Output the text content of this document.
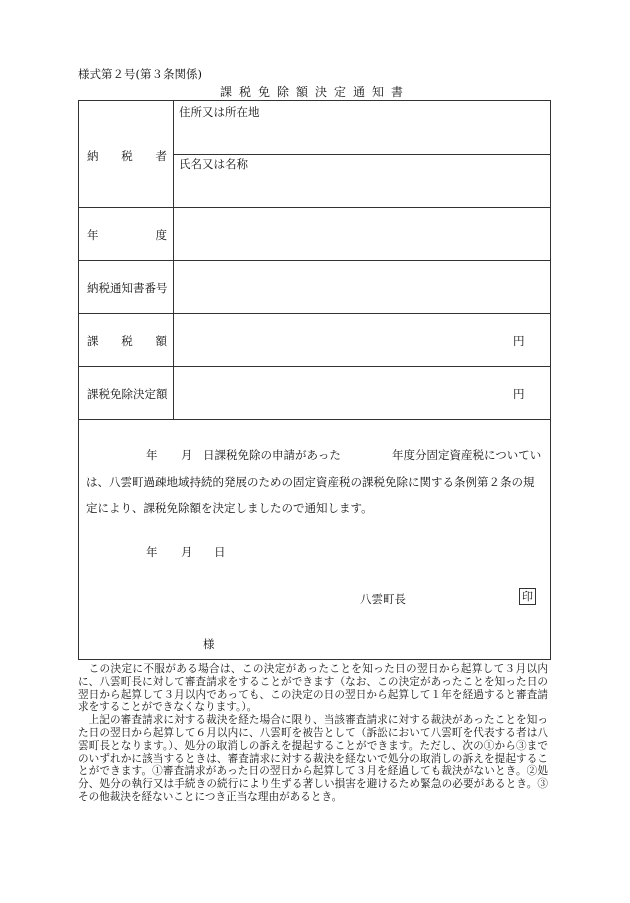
様式第２号(第３条関係)
課税免除額決定通知書
納 税 者
住所又は所在地
氏名又は名称
年	度
納税通知書番号
課 税 額	円
課税免除決定額	円
年 月 日課税免除の申請があった	年度分固定資産税についてい
は、八雲町過疎地域持続的発展のための固定資産税の課税免除に関する条例第２条の規
定により、課税免除額を決定しましたので通知します。
年 月 日
八雲町長	印
様

この決定に不服がある場合は、この決定があったことを知った日の翌日から起算して３月以内に、八雲町長に対して審査請求をすることができます（なお、この決定があったことを知った日の翌日から起算して３月以内であっても、この決定の日の翌日から起算して１年を経過すると審査請求をすることができなくなります。）。

上記の審査請求に対する裁決を経た場合に限り、当該審査請求に対する裁決があったことを知った日の翌日から起算して６月以内に、八雲町を被告として（訴訟において八雲町を代表する者は八雲町長となります。）、処分の取消しの訴えを提起することができます。ただし、次の①から③までのいずれかに該当するときは、審査請求に対する裁決を経ないで処分の取消しの訴えを提起することができます。①審査請求があった日の翌日から起算して３月を経過しても裁決がないとき。②処分、処分の執行又は手続きの続行により生ずる著しい損害を避けるため緊急の必要があるとき。③その他裁決を経ないことにつき正当な理由があるとき。
